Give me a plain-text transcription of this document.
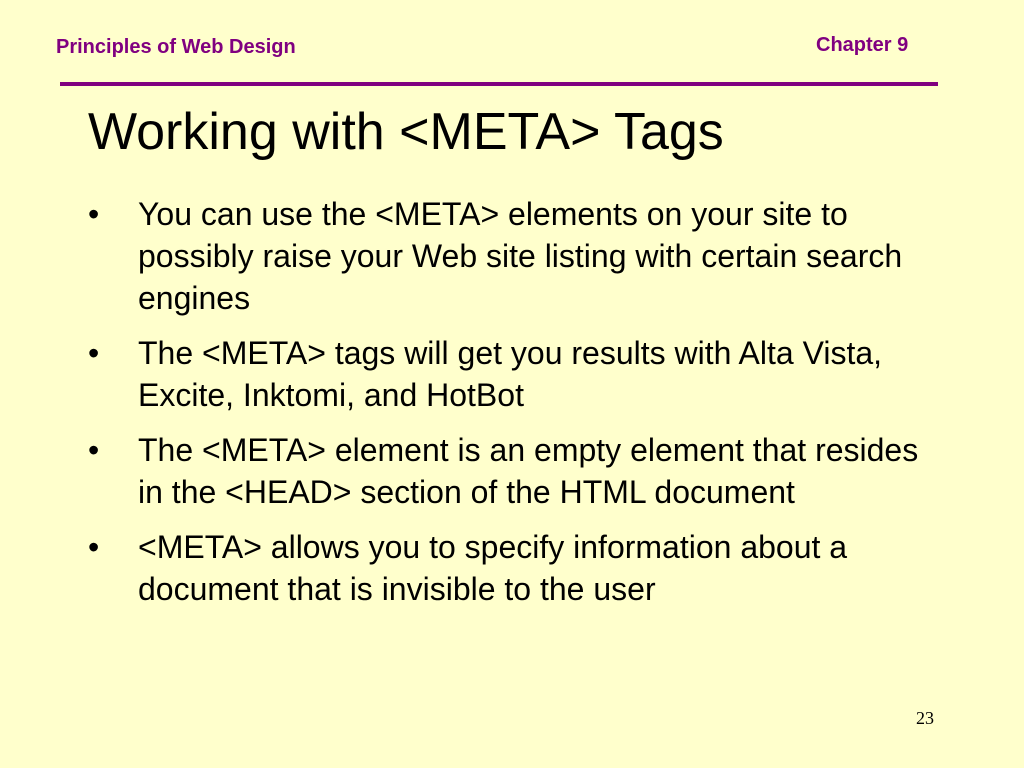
Principles of Web Design	Chapter 9
Working with <META> Tags
• You can use the <META> elements on your site to possibly raise your Web site listing with certain search engines
• The <META> tags will get you results with Alta Vista, Excite, Inktomi, and HotBot
• The <META> element is an empty element that resides in the <HEAD> section of the HTML document
• <META> allows you to specify information about a document that is invisible to the user
23
